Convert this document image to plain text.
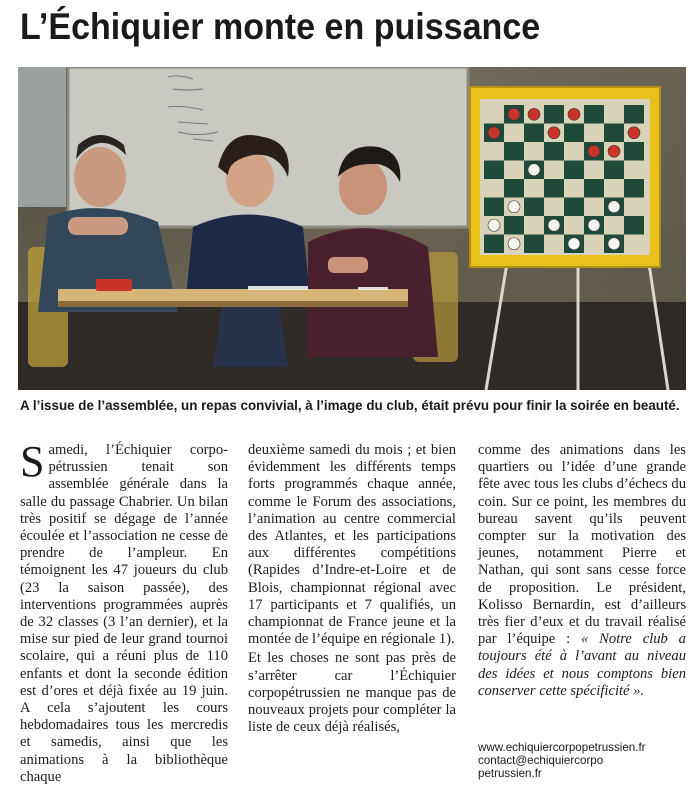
L’Échiquier monte en puissance

A l’issue de l’assemblée, un repas convivial, à l’image du club, était prévu pour finir la soirée en beauté.

Samedi, l’Échiquier corpo-pétrussien tenait son assemblée générale dans la salle du passage Chabrier. Un bilan très positif se dégage de l’année écoulée et l’association ne cesse de prendre de l’ampleur. En témoignent les 47 joueurs du club (23 la saison passée), des interventions programmées auprès de 32 classes (3 l’an dernier), et la mise sur pied de leur grand tournoi scolaire, qui a réuni plus de 110 enfants et dont la seconde édition est d’ores et déjà fixée au 19 juin. A cela s’ajoutent les cours hebdomadaires tous les mercredis et samedis, ainsi que les animations à la bibliothèque chaque

deuxième samedi du mois ; et bien évidemment les différents temps forts programmés chaque année, comme le Forum des associations, l’animation au centre commercial des Atlantes, et les participations aux différentes compétitions (Rapides d’Indre-et-Loire et de Blois, championnat régional avec 17 participants et 7 qualifiés, un championnat de France jeune et la montée de l’équipe en régionale 1).

Et les choses ne sont pas près de s’arrêter car l’Échiquier corpopétrussien ne manque pas de nouveaux projets pour compléter la liste de ceux déjà réalisés,

comme des animations dans les quartiers ou l’idée d’une grande fête avec tous les clubs d’échecs du coin. Sur ce point, les membres du bureau savent qu’ils peuvent compter sur la motivation des jeunes, notamment Pierre et Nathan, qui sont sans cesse force de proposition. Le président, Kolisso Bernardin, est d’ailleurs très fier d’eux et du travail réalisé par l’équipe : « Notre club a toujours été à l’avant au niveau des idées et nous comptons bien conserver cette spécificité ».

www.echiquiercorpopetrussien.fr
contact@echiquiercorpo
petrussien.fr
